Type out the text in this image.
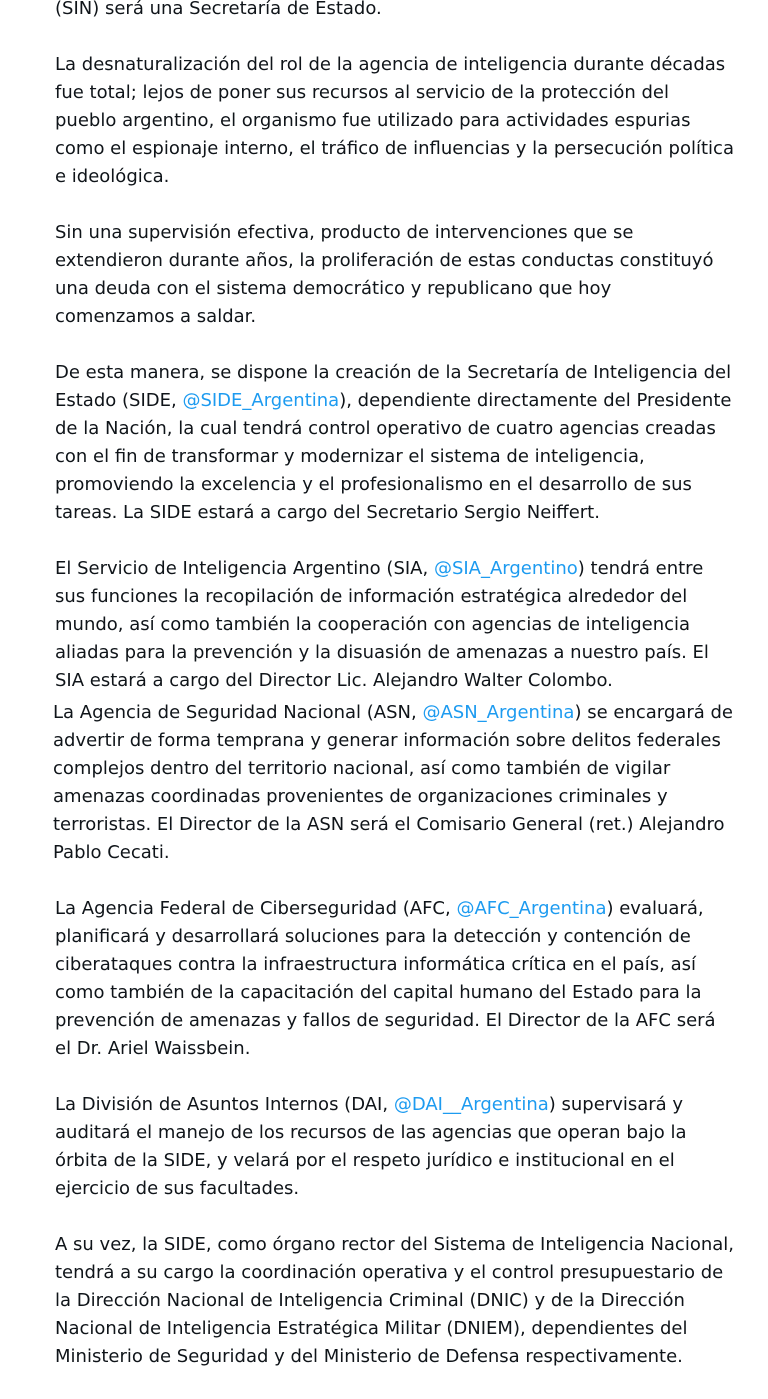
(SIN) será una Secretaría de Estado.

La desnaturalización del rol de la agencia de inteligencia durante décadas fue total; lejos de poner sus recursos al servicio de la protección del pueblo argentino, el organismo fue utilizado para actividades espurias como el espionaje interno, el tráfico de influencias y la persecución política e ideológica.

Sin una supervisión efectiva, producto de intervenciones que se extendieron durante años, la proliferación de estas conductas constituyó una deuda con el sistema democrático y republicano que hoy comenzamos a saldar.

De esta manera, se dispone la creación de la Secretaría de Inteligencia del Estado (SIDE, @SIDE_Argentina), dependiente directamente del Presidente de la Nación, la cual tendrá control operativo de cuatro agencias creadas con el fin de transformar y modernizar el sistema de inteligencia, promoviendo la excelencia y el profesionalismo en el desarrollo de sus tareas. La SIDE estará a cargo del Secretario Sergio Neiffert.

El Servicio de Inteligencia Argentino (SIA, @SIA_Argentino) tendrá entre sus funciones la recopilación de información estratégica alrededor del mundo, así como también la cooperación con agencias de inteligencia aliadas para la prevención y la disuasión de amenazas a nuestro país. El SIA estará a cargo del Director Lic. Alejandro Walter Colombo.

La Agencia de Seguridad Nacional (ASN, @ASN_Argentina) se encargará de advertir de forma temprana y generar información sobre delitos federales complejos dentro del territorio nacional, así como también de vigilar amenazas coordinadas provenientes de organizaciones criminales y terroristas. El Director de la ASN será el Comisario General (ret.) Alejandro Pablo Cecati.

La Agencia Federal de Ciberseguridad (AFC, @AFC_Argentina) evaluará, planificará y desarrollará soluciones para la detección y contención de ciberataques contra la infraestructura informática crítica en el país, así como también de la capacitación del capital humano del Estado para la prevención de amenazas y fallos de seguridad. El Director de la AFC será el Dr. Ariel Waissbein.

La División de Asuntos Internos (DAI, @DAI__Argentina) supervisará y auditará el manejo de los recursos de las agencias que operan bajo la órbita de la SIDE, y velará por el respeto jurídico e institucional en el ejercicio de sus facultades.

A su vez, la SIDE, como órgano rector del Sistema de Inteligencia Nacional, tendrá a su cargo la coordinación operativa y el control presupuestario de la Dirección Nacional de Inteligencia Criminal (DNIC) y de la Dirección Nacional de Inteligencia Estratégica Militar (DNIEM), dependientes del Ministerio de Seguridad y del Ministerio de Defensa respectivamente.
